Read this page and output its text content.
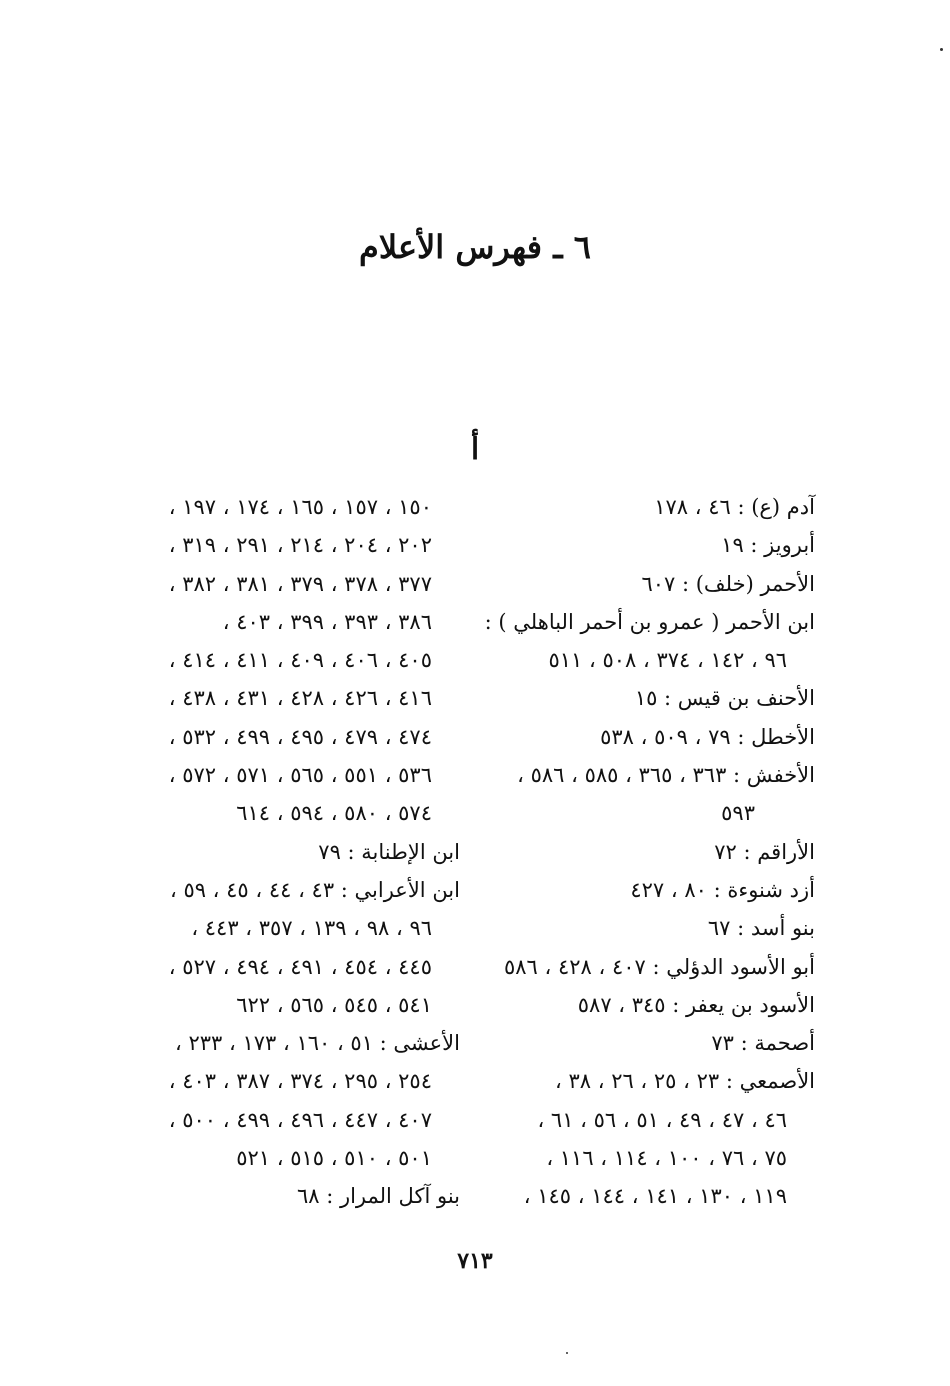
٦ ـ فهرس الأعلام
أ
آدم (ع) : ٤٦ ، ١٧٨
أبرويز : ١٩
الأحمر (خلف) : ٦٠٧
ابن الأحمر ( عمرو بن أحمر الباهلي ) :
٩٦ ، ١٤٢ ، ٣٧٤ ، ٥٠٨ ، ٥١١
الأحنف بن قيس : ١٥
الأخطل : ٧٩ ، ٥٠٩ ، ٥٣٨
الأخفش : ٣٦٣ ، ٣٦٥ ، ٥٨٥ ، ٥٨٦ ،
٥٩٣
الأراقم : ٧٢
أزد شنوءة : ٨٠ ، ٤٢٧
بنو أسد : ٦٧
أبو الأسود الدؤلي : ٤٠٧ ، ٤٢٨ ، ٥٨٦
الأسود بن يعفر : ٣٤٥ ، ٥٨٧
أصحمة : ٧٣
الأصمعي : ٢٣ ، ٢٥ ، ٢٦ ، ٣٨ ،
٤٦ ، ٤٧ ، ٤٩ ، ٥١ ، ٥٦ ، ٦١ ،
٧٥ ، ٧٦ ، ١٠٠ ، ١١٤ ، ١١٦ ،
١١٩ ، ١٣٠ ، ١٤١ ، ١٤٤ ، ١٤٥ ،
١٥٠ ، ١٥٧ ، ١٦٥ ، ١٧٤ ، ١٩٧ ،
٢٠٢ ، ٢٠٤ ، ٢١٤ ، ٢٩١ ، ٣١٩ ،
٣٧٧ ، ٣٧٨ ، ٣٧٩ ، ٣٨١ ، ٣٨٢ ،
٣٨٦ ، ٣٩٣ ، ٣٩٩ ، ٤٠٣ ،
٤٠٥ ، ٤٠٦ ، ٤٠٩ ، ٤١١ ، ٤١٤ ،
٤١٦ ، ٤٢٦ ، ٤٢٨ ، ٤٣١ ، ٤٣٨ ،
٤٧٤ ، ٤٧٩ ، ٤٩٥ ، ٤٩٩ ، ٥٣٢ ،
٥٣٦ ، ٥٥١ ، ٥٦٥ ، ٥٧١ ، ٥٧٢ ،
٥٧٤ ، ٥٨٠ ، ٥٩٤ ، ٦١٤
ابن الإطنابة : ٧٩
ابن الأعرابي : ٤٣ ، ٤٤ ، ٤٥ ، ٥٩ ،
٩٦ ، ٩٨ ، ١٣٩ ، ٣٥٧ ، ٤٤٣ ،
٤٤٥ ، ٤٥٤ ، ٤٩١ ، ٤٩٤ ، ٥٢٧ ،
٥٤١ ، ٥٤٥ ، ٥٦٥ ، ٦٢٢
الأعشى : ٥١ ، ١٦٠ ، ١٧٣ ، ٢٣٣ ،
٢٥٤ ، ٢٩٥ ، ٣٧٤ ، ٣٨٧ ، ٤٠٣ ،
٤٠٧ ، ٤٤٧ ، ٤٩٦ ، ٤٩٩ ، ٥٠٠ ،
٥٠١ ، ٥١٠ ، ٥١٥ ، ٥٢١
بنو آكل المرار : ٦٨
٧١٣
